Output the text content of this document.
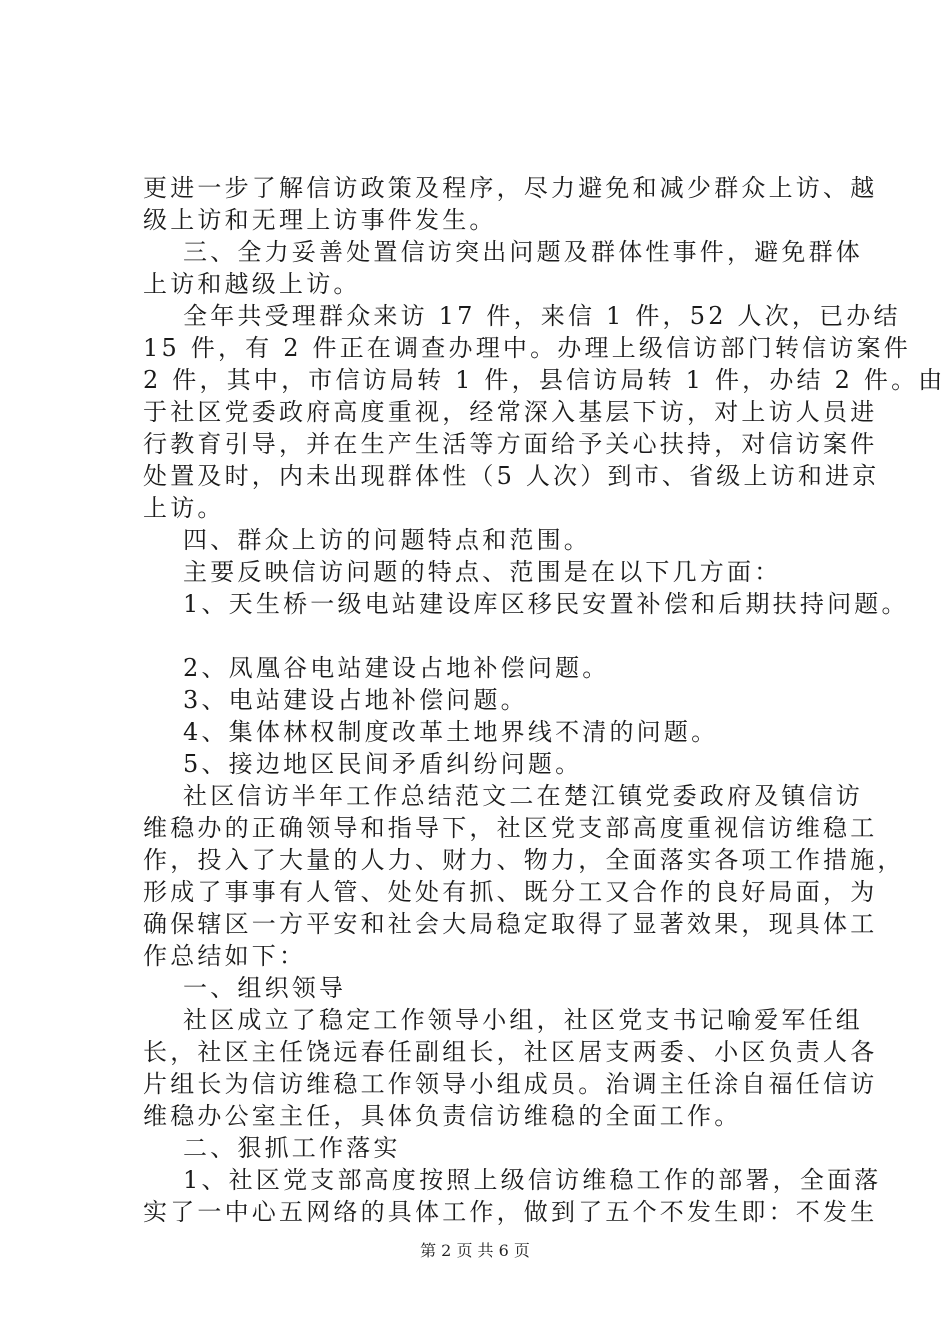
更进一步了解信访政策及程序，尽力避免和减少群众上访、越
级上访和无理上访事件发生。
三、全力妥善处置信访突出问题及群体性事件，避免群体
上访和越级上访。
全年共受理群众来访 17 件，来信 1 件，52 人次，已办结
15 件，有 2 件正在调查办理中。办理上级信访部门转信访案件
2 件，其中，市信访局转 1 件，县信访局转 1 件，办结 2 件。由
于社区党委政府高度重视，经常深入基层下访，对上访人员进
行教育引导，并在生产生活等方面给予关心扶持，对信访案件
处置及时，内未出现群体性（5 人次）到市、省级上访和进京
上访。
四、群众上访的问题特点和范围。
主要反映信访问题的特点、范围是在以下几方面：
1、天生桥一级电站建设库区移民安置补偿和后期扶持问题。
2、凤凰谷电站建设占地补偿问题。
3、电站建设占地补偿问题。
4、集体林权制度改革土地界线不清的问题。
5、接边地区民间矛盾纠纷问题。
社区信访半年工作总结范文二在楚江镇党委政府及镇信访
维稳办的正确领导和指导下，社区党支部高度重视信访维稳工
作，投入了大量的人力、财力、物力，全面落实各项工作措施，
形成了事事有人管、处处有抓、既分工又合作的良好局面，为
确保辖区一方平安和社会大局稳定取得了显著效果，现具体工
作总结如下：
一、组织领导
社区成立了稳定工作领导小组，社区党支书记喻爱军任组
长，社区主任饶远春任副组长，社区居支两委、小区负责人各
片组长为信访维稳工作领导小组成员。治调主任涂自福任信访
维稳办公室主任，具体负责信访维稳的全面工作。
二、狠抓工作落实
1、社区党支部高度按照上级信访维稳工作的部署，全面落
实了一中心五网络的具体工作，做到了五个不发生即：不发生
第 2 页 共 6 页
